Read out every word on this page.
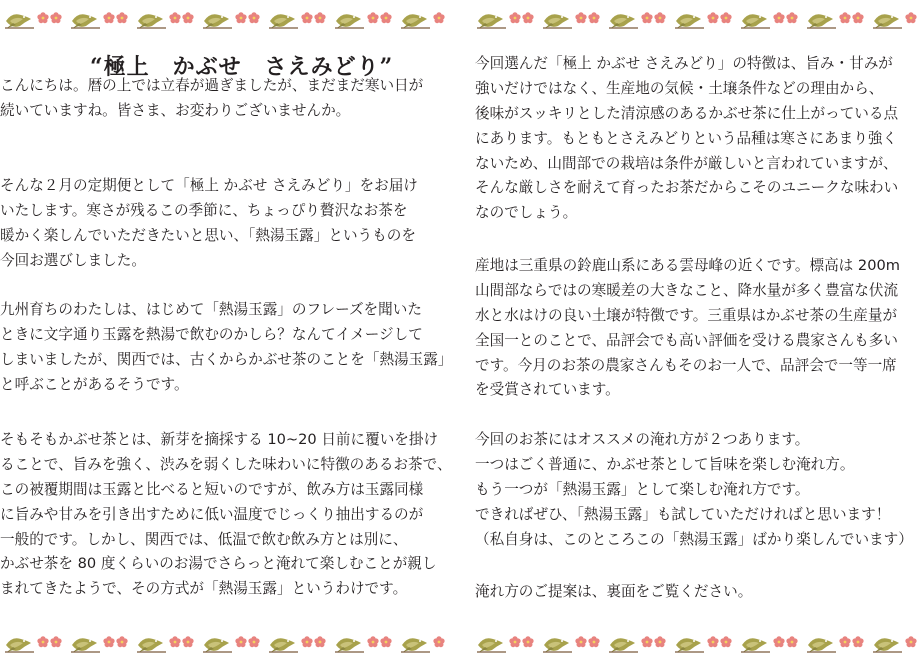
“極上　かぶせ　さえみどり”
こんにちは。暦の上では立春が過ぎましたが、まだまだ寒い日が
続いていますね。皆さま、お変わりございませんか。
そんな２月の定期便として「極上 かぶせ さえみどり」をお届け
いたします。寒さが残るこの季節に、ちょっぴり贅沢なお茶を
暖かく楽しんでいただきたいと思い、「熱湯玉露」というものを
今回お選びしました。
九州育ちのわたしは、はじめて「熱湯玉露」のフレーズを聞いた
ときに文字通り玉露を熱湯で飲むのかしら？なんてイメージして
しまいましたが、関西では、古くからかぶせ茶のことを「熱湯玉露」
と呼ぶことがあるそうです。
そもそもかぶせ茶とは、新芽を摘採する 10~20 日前に覆いを掛け
ることで、旨みを強く、渋みを弱くした味わいに特徴のあるお茶で、
この被覆期間は玉露と比べると短いのですが、飲み方は玉露同様
に旨みや甘みを引き出すために低い温度でじっくり抽出するのが
一般的です。しかし、関西では、低温で飲む飲み方とは別に、
かぶせ茶を 80 度くらいのお湯でさらっと淹れて楽しむことが親し
まれてきたようで、その方式が「熱湯玉露」というわけです。
今回選んだ「極上 かぶせ さえみどり」の特徴は、旨み・甘みが
強いだけではなく、生産地の気候・土壌条件などの理由から、
後味がスッキリとした清涼感のあるかぶせ茶に仕上がっている点
にあります。もともとさえみどりという品種は寒さにあまり強く
ないため、山間部での栽培は条件が厳しいと言われていますが、
そんな厳しさを耐えて育ったお茶だからこそのユニークな味わい
なのでしょう。
産地は三重県の鈴鹿山系にある雲母峰の近くです。標高は 200m
山間部ならではの寒暖差の大きなこと、降水量が多く豊富な伏流
水と水はけの良い土壌が特徴です。三重県はかぶせ茶の生産量が
全国一とのことで、品評会でも高い評価を受ける農家さんも多い
です。今月のお茶の農家さんもそのお一人で、品評会で一等一席
を受賞されています。
今回のお茶にはオススメの淹れ方が２つあります。
一つはごく普通に、かぶせ茶として旨味を楽しむ淹れ方。
もう一つが「熱湯玉露」として楽しむ淹れ方です。
できればぜひ、「熱湯玉露」も試していただければと思います！
（私自身は、このところこの「熱湯玉露」ばかり楽しんでいます）
淹れ方のご提案は、裏面をご覧ください。
